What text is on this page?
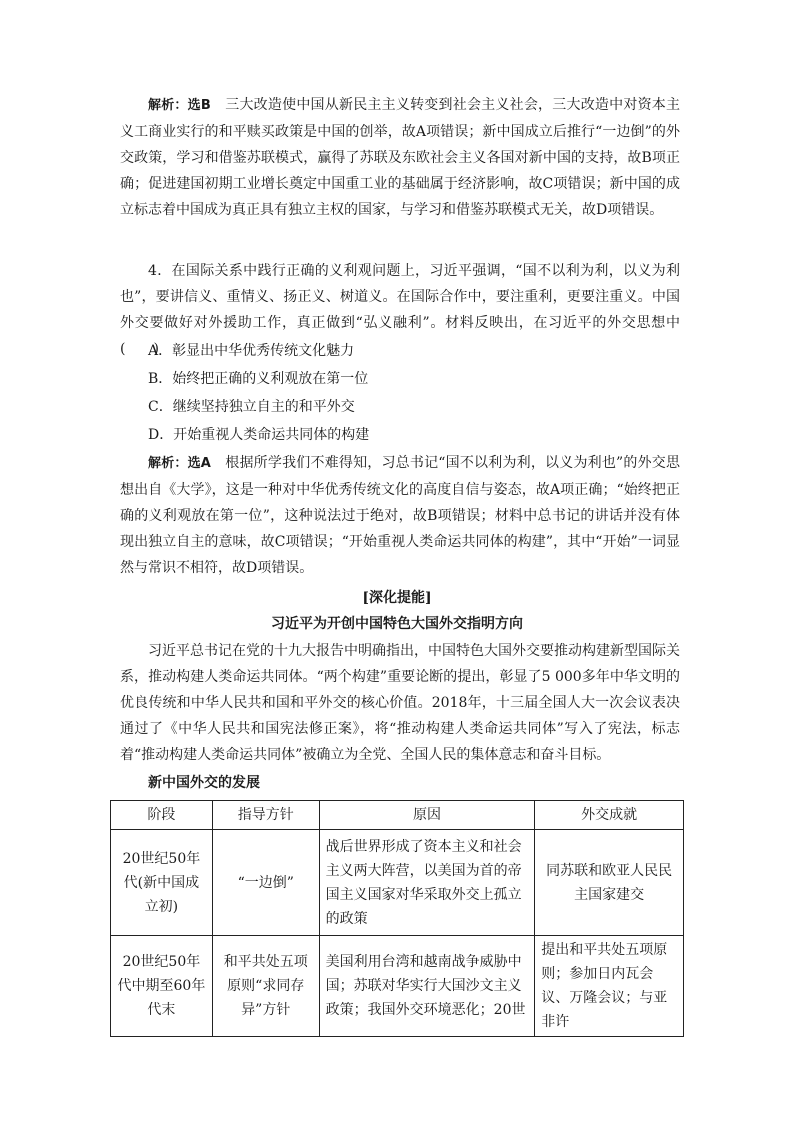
解析：选B　三大改造使中国从新民主主义转变到社会主义社会，三大改造中对资本主义工商业实行的和平赎买政策是中国的创举，故A项错误；新中国成立后推行“一边倒”的外交政策，学习和借鉴苏联模式，赢得了苏联及东欧社会主义各国对新中国的支持，故B项正确；促进建国初期工业增长奠定中国重工业的基础属于经济影响，故C项错误；新中国的成立标志着中国成为真正具有独立主权的国家，与学习和借鉴苏联模式无关，故D项错误。

4．在国际关系中践行正确的义利观问题上，习近平强调，“国不以利为利，以义为利也”，要讲信义、重情义、扬正义、树道义。在国际合作中，要注重利，更要注重义。中国外交要做好对外援助工作，真正做到“弘义融利”。材料反映出，在习近平的外交思想中(　　)

A．彰显出中华优秀传统文化魅力

B．始终把正确的义利观放在第一位

C．继续坚持独立自主的和平外交

D．开始重视人类命运共同体的构建

解析：选A　根据所学我们不难得知，习总书记“国不以利为利，以义为利也”的外交思想出自《大学》，这是一种对中华优秀传统文化的高度自信与姿态，故A项正确；“始终把正确的义利观放在第一位”，这种说法过于绝对，故B项错误；材料中总书记的讲话并没有体现出独立自主的意味，故C项错误；“开始重视人类命运共同体的构建”，其中“开始”一词显然与常识不相符，故D项错误。

[深化提能]

习近平为开创中国特色大国外交指明方向

习近平总书记在党的十九大报告中明确指出，中国特色大国外交要推动构建新型国际关系，推动构建人类命运共同体。“两个构建”重要论断的提出，彰显了5 000多年中华文明的优良传统和中华人民共和国和平外交的核心价值。2018年，十三届全国人大一次会议表决通过了《中华人民共和国宪法修正案》，将“推动构建人类命运共同体”写入了宪法，标志着“推动构建人类命运共同体”被确立为全党、全国人民的集体意志和奋斗目标。

新中国外交的发展

阶段	指导方针	原因	外交成就
20世纪50年代(新中国成立初)	“一边倒”	战后世界形成了资本主义和社会主义两大阵营，以美国为首的帝国主义国家对华采取外交上孤立的政策	同苏联和欧亚人民民主国家建交
20世纪50年代中期至60年代末	和平共处五项原则“求同存异”方针	美国利用台湾和越南战争威胁中国；苏联对华实行大国沙文主义政策；我国外交环境恶化；20世	提出和平共处五项原则；参加日内瓦会议、万隆会议；与亚非许
